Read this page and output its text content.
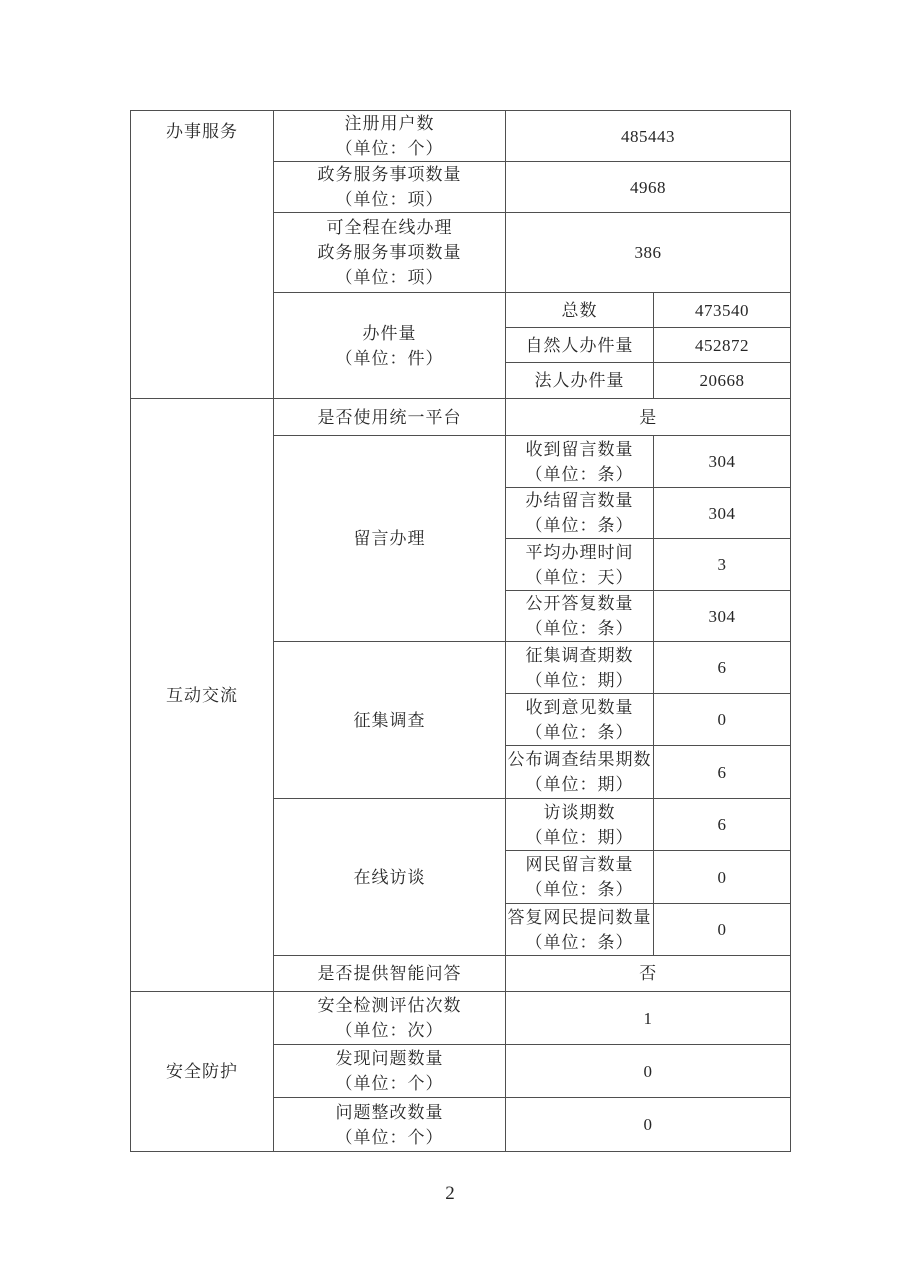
办事服务	注册用户数
（单位：个）	485443	

	政务服务事项数量
（单位：项）	4968	

	可全程在线办理
政务服务事项数量
（单位：项）	386	

	办件量
（单位：件）	总数	473540

		自然人办件量	452872

		法人办件量	20668
互动交流	是否使用统一平台	是	

	留言办理	收到留言数量
（单位：条）	304

		办结留言数量
（单位：条）	304

		平均办理时间
（单位：天）	3

		公开答复数量
（单位：条）	304

	征集调查	征集调查期数
（单位：期）	6

		收到意见数量
（单位：条）	0

		公布调查结果期数
（单位：期）	6

	在线访谈	访谈期数
（单位：期）	6

		网民留言数量
（单位：条）	0

		答复网民提问数量
（单位：条）	0

	是否提供智能问答	否	
安全防护	安全检测评估次数
（单位：次）	1	

	发现问题数量
（单位：个）	0	

	问题整改数量
（单位：个）	0	
2
